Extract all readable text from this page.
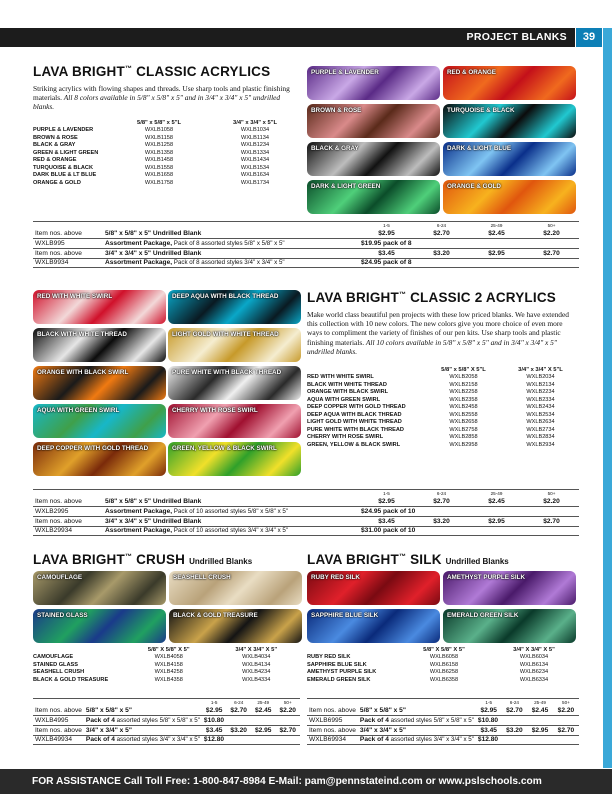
PROJECT BLANKS	39
LAVA BRIGHT™ CLASSIC ACRYLICS
Striking acrylics with flowing shapes and threads. Use sharp tools and plastic finishing materials. All 8 colors available in 5/8" x 5/8" x 5" and in 3/4" x 3/4" x 5" undrilled blanks.
	5/8" x 5/8" x 5"L	3/4" x 3/4" x 5"L
PURPLE & LAVENDER	WXLB1058	WXLB1034
BROWN & ROSE	WXLB1158	WXLB1134
BLACK & GRAY	WXLB1258	WXLB1234
GREEN & LIGHT GREEN	WXLB1358	WXLB1334
RED & ORANGE	WXLB1458	WXLB1434
TURQUOISE & BLACK	WXLB1558	WXLB1534
DARK BLUE & LT BLUE	WXLB1658	WXLB1634
ORANGE & GOLD	WXLB1758	WXLB1734
PURPLE & LAVENDER	RED & ORANGE
BROWN & ROSE	TURQUOISE & BLACK
BLACK & GRAY	DARK & LIGHT BLUE
DARK & LIGHT GREEN	ORANGE & GOLD
		1-5	6-24	25-49	50+
Item nos. above	5/8" x 5/8" x 5" Undrilled Blank	$2.95	$2.70	$2.45	$2.20
WXLB995	Assortment Package, Pack of 8 assorted styles 5/8" x 5/8" x 5"	$19.95 pack of 8			
Item nos. above	3/4" x 3/4" x 5" Undrilled Blank	$3.45	$3.20	$2.95	$2.70
WXLB9934	Assortment Package, Pack of 8 assorted styles 3/4" x 3/4" x 5"	$24.95 pack of 8			
RED WITH WHITE SWIRL	DEEP AQUA WITH BLACK THREAD
BLACK WITH WHITE THREAD	LIGHT GOLD WITH WHITE THREAD
ORANGE WITH BLACK SWIRL	PURE WHITE WITH BLACK THREAD
AQUA WITH GREEN SWIRL	CHERRY WITH ROSE SWIRL
DEEP COPPER WITH GOLD THREAD	GREEN, YELLOW & BLACK SWIRL
LAVA BRIGHT™ CLASSIC 2 ACRYLICS
Make world class beautiful pen projects with these low priced blanks. We have extended this collection with 10 new colors. The new colors give you more choice of even more ways to compliment the variety of finishes of our pen kits. Use sharp tools and plastic finishing materials. All 10 colors available in 5/8" x 5/8" x 5" and in 3/4" x 3/4" x 5" undrilled blanks.
	5/8" x 5/8" X 5"L	3/4" x 3/4" X 5"L
RED WITH WHITE SWIRL	WXLB2058	WXLB2034
BLACK WITH WHITE THREAD	WXLB2158	WXLB2134
ORANGE WITH BLACK SWIRL	WXLB2258	WXLB2234
AQUA WITH GREEN SWIRL	WXLB2358	WXLB2334
DEEP COPPER WITH GOLD THREAD	WXLB2458	WXLB2434
DEEP AQUA WITH BLACK THREAD	WXLB2558	WXLB2534
LIGHT GOLD WITH WHITE THREAD	WXLB2658	WXLB2634
PURE WHITE WITH BLACK THREAD	WXLB2758	WXLB2734
CHERRY WITH ROSE SWIRL	WXLB2858	WXLB2834
GREEN, YELLOW & BLACK SWIRL	WXLB2958	WXLB2934
		1-5	6-24	25-49	50+
Item nos. above	5/8" x 5/8" x 5" Undrilled Blank	$2.95	$2.70	$2.45	$2.20
WXLB2995	Assortment Package, Pack of 10 assorted styles 5/8" x 5/8" x 5"	$24.95 pack of 10			
Item nos. above	3/4" x 3/4" x 5" Undrilled Blank	$3.45	$3.20	$2.95	$2.70
WXLB29934	Assortment Package, Pack of 10 assorted styles 3/4" x 3/4" x 5"	$31.00 pack of 10			
LAVA BRIGHT™ CRUSH Undrilled Blanks
CAMOUFLAGE	SEASHELL CRUSH
STAINED GLASS	BLACK & GOLD TREASURE
	5/8" X 5/8" X 5"	3/4" X 3/4" X 5"
CAMOUFLAGE	WXLB4058	WXLB4034
STAINED GLASS	WXLB4158	WXLB4134
SEASHELL CRUSH	WXLB4258	WXLB4234
BLACK & GOLD TREASURE	WXLB4358	WXLB4334
		1-5	6-24	25-49	50+
Item nos. above	5/8" x 5/8" x 5"	$2.95	$2.70	$2.45	$2.20
WXLB4995	Pack of 4 assorted styles 5/8" x 5/8" x 5"	$10.80			
Item nos. above	3/4" x 3/4" x 5"	$3.45	$3.20	$2.95	$2.70
WXLB49934	Pack of 4 assorted styles 3/4" x 3/4" x 5"	$12.80			
LAVA BRIGHT™ SILK Undrilled Blanks
RUBY RED SILK	AMETHYST PURPLE SILK
SAPPHIRE BLUE SILK	EMERALD GREEN SILK
	5/8" X 5/8" X 5"	3/4" X 3/4" X 5"
RUBY RED SILK	WXLB6058	WXLB6034
SAPPHIRE BLUE SILK	WXLB6158	WXLB6134
AMETHYST PURPLE SILK	WXLB6258	WXLB6234
EMERALD GREEN SILK	WXLB6358	WXLB6334
		1-5	6-24	25-49	50+
Item nos. above	5/8" x 5/8" x 5"	$2.95	$2.70	$2.45	$2.20
WXLB6995	Pack of 4 assorted styles 5/8" x 5/8" x 5"	$10.80			
Item nos. above	3/4" x 3/4" x 5"	$3.45	$3.20	$2.95	$2.70
WXLB69934	Pack of 4 assorted styles 3/4" x 3/4" x 5"	$12.80			
FOR ASSISTANCE Call Toll Free: 1-800-847-8984 E-Mail: pam@pennstateind.com or www.pslschools.com
